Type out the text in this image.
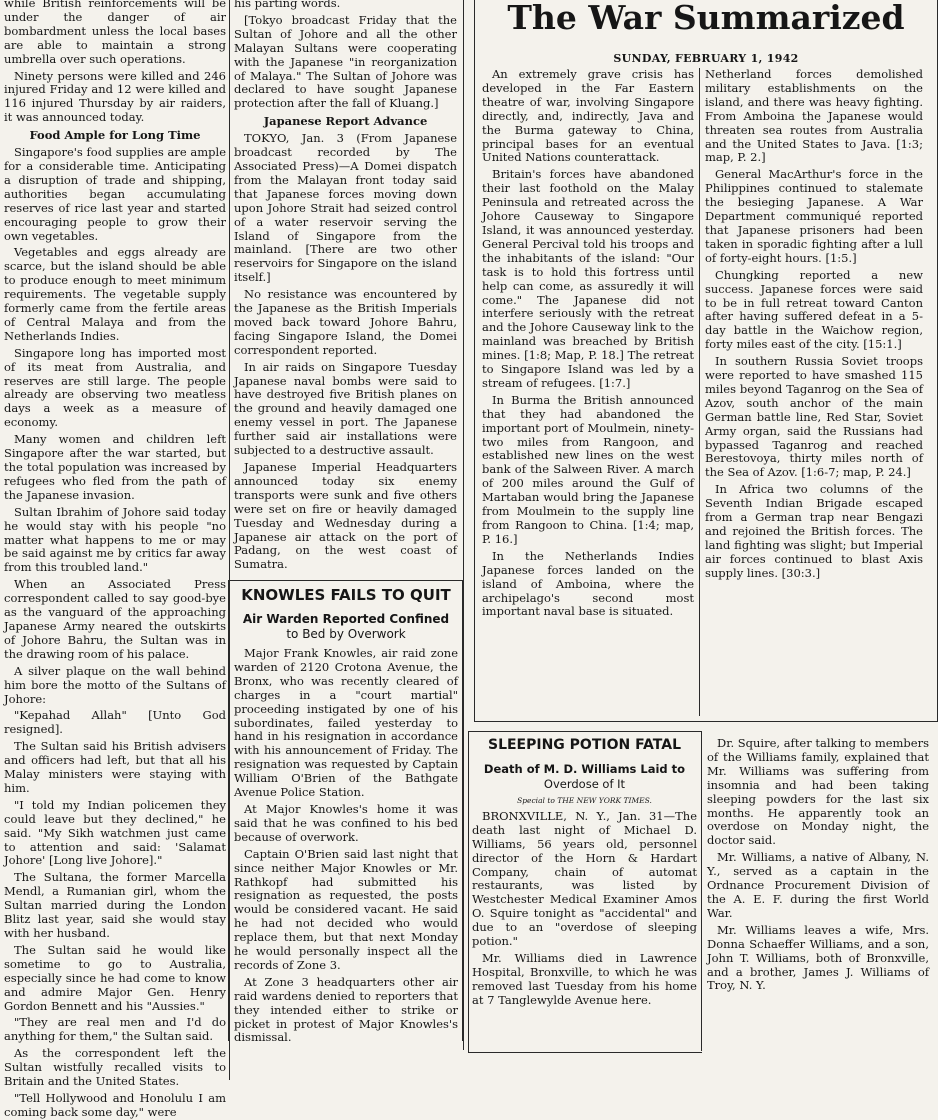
while British reinforcements will be under the danger of air bombardment unless the local bases are able to maintain a strong umbrella over such operations.

Ninety persons were killed and 246 injured Friday and 12 were killed and 116 injured Thursday by air raiders, it was announced today.

Food Ample for Long Time

Singapore's food supplies are ample for a considerable time. Anticipating a disruption of trade and shipping, authorities began accumulating reserves of rice last year and started encouraging people to grow their own vegetables.

Vegetables and eggs already are scarce, but the island should be able to produce enough to meet minimum requirements. The vegetable supply formerly came from the fertile areas of Central Malaya and from the Netherlands Indies.

Singapore long has imported most of its meat from Australia, and reserves are still large. The people already are observing two meatless days a week as a measure of economy.

Many women and children left Singapore after the war started, but the total population was increased by refugees who fled from the path of the Japanese invasion.

Sultan Ibrahim of Johore said today he would stay with his people "no matter what happens to me or may be said against me by critics far away from this troubled land."

When an Associated Press correspondent called to say good-bye as the vanguard of the approaching Japanese Army neared the outskirts of Johore Bahru, the Sultan was in the drawing room of his palace.

A silver plaque on the wall behind him bore the motto of the Sultans of Johore:

"Kepahad Allah" [Unto God resigned].

The Sultan said his British advisers and officers had left, but that all his Malay ministers were staying with him.

"I told my Indian policemen they could leave but they declined," he said. "My Sikh watchmen just came to attention and said: 'Salamat Johore' [Long live Johore]."

The Sultana, the former Marcella Mendl, a Rumanian girl, whom the Sultan married during the London Blitz last year, said she would stay with her husband.

The Sultan said he would like sometime to go to Australia, especially since he had come to know and admire Major Gen. Henry Gordon Bennett and his "Aussies."

"They are real men and I'd do anything for them," the Sultan said.

As the correspondent left the Sultan wistfully recalled visits to Britain and the United States.

"Tell Hollywood and Honolulu I am coming back some day," were

his parting words.

[Tokyo broadcast Friday that the Sultan of Johore and all the other Malayan Sultans were cooperating with the Japanese "in reorganization of Malaya." The Sultan of Johore was declared to have sought Japanese protection after the fall of Kluang.]

Japanese Report Advance

TOKYO, Jan. 3 (From Japanese broadcast recorded by The Associated Press)—A Domei dispatch from the Malayan front today said that Japanese forces moving down upon Johore Strait had seized control of a water reservoir serving the Island of Singapore from the mainland. [There are two other reservoirs for Singapore on the island itself.]

No resistance was encountered by the Japanese as the British Imperials moved back toward Johore Bahru, facing Singapore Island, the Domei correspondent reported.

In air raids on Singapore Tuesday Japanese naval bombs were said to have destroyed five British planes on the ground and heavily damaged one enemy vessel in port. The Japanese further said air installations were subjected to a destructive assault.

Japanese Imperial Headquarters announced today six enemy transports were sunk and five others were set on fire or heavily damaged Tuesday and Wednesday during a Japanese air attack on the port of Padang, on the west coast of Sumatra.

KNOWLES FAILS TO QUIT
Air Warden Reported Confined
to Bed by Overwork

Major Frank Knowles, air raid zone warden of 2120 Crotona Avenue, the Bronx, who was recently cleared of charges in a "court martial" proceeding instigated by one of his subordinates, failed yesterday to hand in his resignation in accordance with his announcement of Friday. The resignation was requested by Captain William O'Brien of the Bathgate Avenue Police Station.

At Major Knowles's home it was said that he was confined to his bed because of overwork.

Captain O'Brien said last night that since neither Major Knowles or Mr. Rathkopf had submitted his resignation as requested, the posts would be considered vacant. He said he had not decided who would replace them, but that next Monday he would personally inspect all the records of Zone 3.

At Zone 3 headquarters other air raid wardens denied to reporters that they intended either to strike or picket in protest of Major Knowles's dismissal.

The War Summarized
SUNDAY, FEBRUARY 1, 1942

An extremely grave crisis has developed in the Far Eastern theatre of war, involving Singapore directly, and, indirectly, Java and the Burma gateway to China, principal bases for an eventual United Nations counterattack.

Britain's forces have abandoned their last foothold on the Malay Peninsula and retreated across the Johore Causeway to Singapore Island, it was announced yesterday. General Percival told his troops and the inhabitants of the island: "Our task is to hold this fortress until help can come, as assuredly it will come." The Japanese did not interfere seriously with the retreat and the Johore Causeway link to the mainland was breached by British mines. [1:8; Map, P. 18.] The retreat to Singapore Island was led by a stream of refugees. [1:7.]

In Burma the British announced that they had abandoned the important port of Moulmein, ninety-two miles from Rangoon, and established new lines on the west bank of the Salween River. A march of 200 miles around the Gulf of Martaban would bring the Japanese from Moulmein to the supply line from Rangoon to China. [1:4; map, P. 16.]

In the Netherlands Indies Japanese forces landed on the island of Amboina, where the archipelago's second most important naval base is situated.

Netherland forces demolished military establishments on the island, and there was heavy fighting. From Amboina the Japanese would threaten sea routes from Australia and the United States to Java. [1:3; map, P. 2.]

General MacArthur's force in the Philippines continued to stalemate the besieging Japanese. A War Department communiqué reported that Japanese prisoners had been taken in sporadic fighting after a lull of forty-eight hours. [1:5.]

Chungking reported a new success. Japanese forces were said to be in full retreat toward Canton after having suffered defeat in a 5-day battle in the Waichow region, forty miles east of the city. [15:1.]

In southern Russia Soviet troops were reported to have smashed 115 miles beyond Taganrog on the Sea of Azov, south anchor of the main German battle line, Red Star, Soviet Army organ, said the Russians had bypassed Taganrog and reached Berestovoya, thirty miles north of the Sea of Azov. [1:6-7; map, P. 24.]

In Africa two columns of the Seventh Indian Brigade escaped from a German trap near Bengazi and rejoined the British forces. The land fighting was slight; but Imperial air forces continued to blast Axis supply lines. [30:3.]

SLEEPING POTION FATAL
Death of M. D. Williams Laid to
Overdose of It
Special to THE NEW YORK TIMES.

BRONXVILLE, N. Y., Jan. 31—The death last night of Michael D. Williams, 56 years old, personnel director of the Horn & Hardart Company, chain of automat restaurants, was listed by Westchester Medical Examiner Amos O. Squire tonight as "accidental" and due to an "overdose of sleeping potion."

Mr. Williams died in Lawrence Hospital, Bronxville, to which he was removed last Tuesday from his home at 7 Tanglewylde Avenue here.

Dr. Squire, after talking to members of the Williams family, explained that Mr. Williams was suffering from insomnia and had been taking sleeping powders for the last six months. He apparently took an overdose on Monday night, the doctor said.

Mr. Williams, a native of Albany, N. Y., served as a captain in the Ordnance Procurement Division of the A. E. F. during the first World War.

Mr. Williams leaves a wife, Mrs. Donna Schaeffer Williams, and a son, John T. Williams, both of Bronxville, and a brother, James J. Williams of Troy, N. Y.
